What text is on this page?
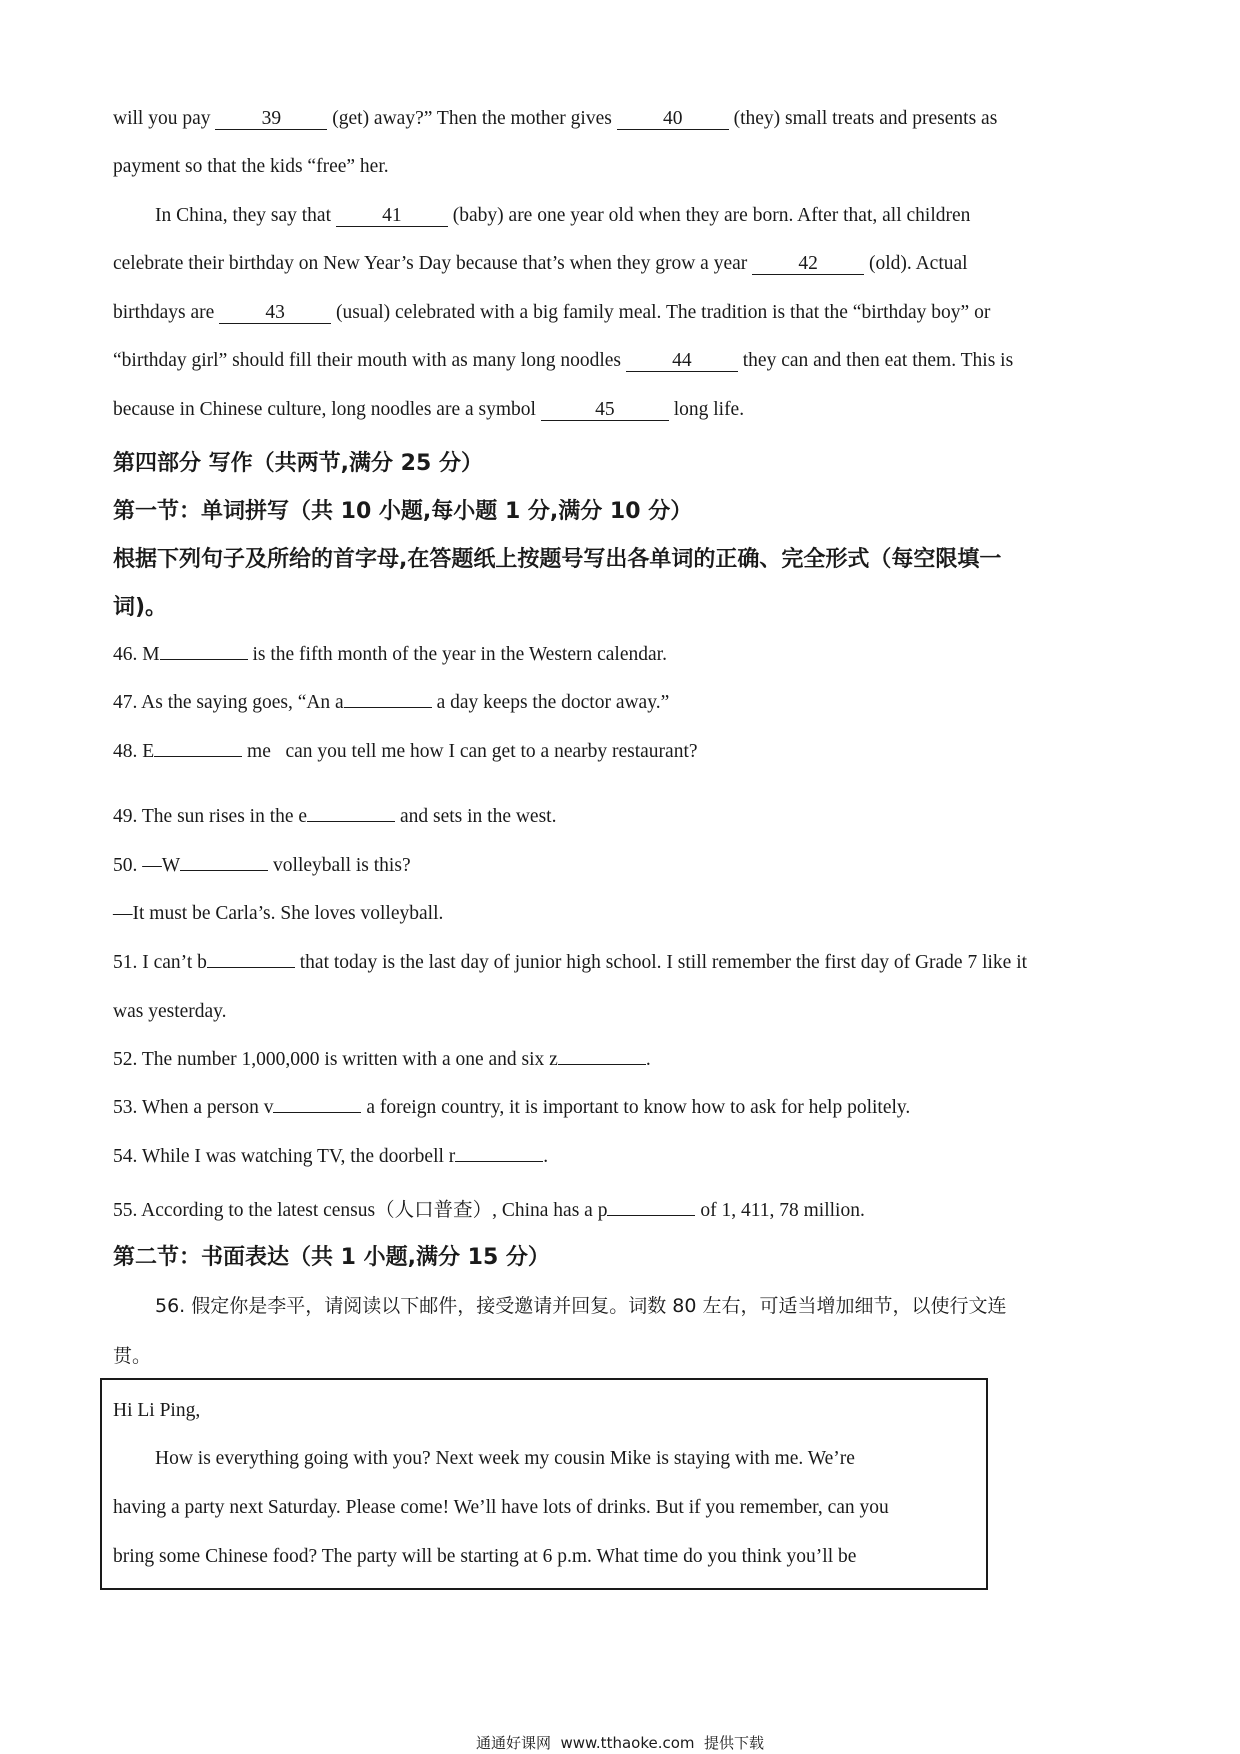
will you pay 39	(get) away?” Then the mother gives 40	(they) small treats and presents as
payment so that the kids “free” her.
In China, they say that 41	(baby) are one year old when they are born. After that, all children
celebrate their birthday on New Year’s Day because that’s when they grow a year 42	(old). Actual
birthdays are 43	(usual) celebrated with a big family meal. The tradition is that the “birthday boy” or
“birthday girl” should fill their mouth with as many long noodles 44	they can and then eat them. This is
because in Chinese culture, long noodles are a symbol	45	long life.
第四部分 写作（共两节,满分 25 分）
第一节：单词拼写（共 10 小题,每小题 1 分,满分 10 分）
根据下列句子及所给的首字母,在答题纸上按题号写出各单词的正确、完全形式（每空限填一
词)。
46. M	is the fifth month of the year in the Western calendar.
47. As the saying goes, “An a	a day keeps the doctor away.”
48. E	me   can you tell me how I can get to a nearby restaurant?
49. The sun rises in the e	and sets in the west.
50. —W	volleyball is this?
—It must be Carla’s. She loves volleyball.
51. I can’t b	that today is the last day of junior high school. I still remember the first day of Grade 7 like it
was yesterday.
52. The number 1,000,000 is written with a one and six z	.
53. When a person v	a foreign country, it is important to know how to ask for help politely.
54. While I was watching TV, the doorbell r	.
55. According to the latest census（人口普查）, China has a p	of 1, 411, 78 million.
第二节：书面表达（共 1 小题,满分 15 分）
56. 假定你是李平，请阅读以下邮件，接受邀请并回复。词数 80 左右，可适当增加细节，以使行文连
贯。
Hi Li Ping,
How is everything going with you? Next week my cousin Mike is staying with me. We’re
having a party next Saturday. Please come! We’ll have lots of drinks. But if you remember, can you
bring some Chinese food? The party will be starting at 6 p.m. What time do you think you’ll be
通通好课网  www.tthaoke.com  提供下载
